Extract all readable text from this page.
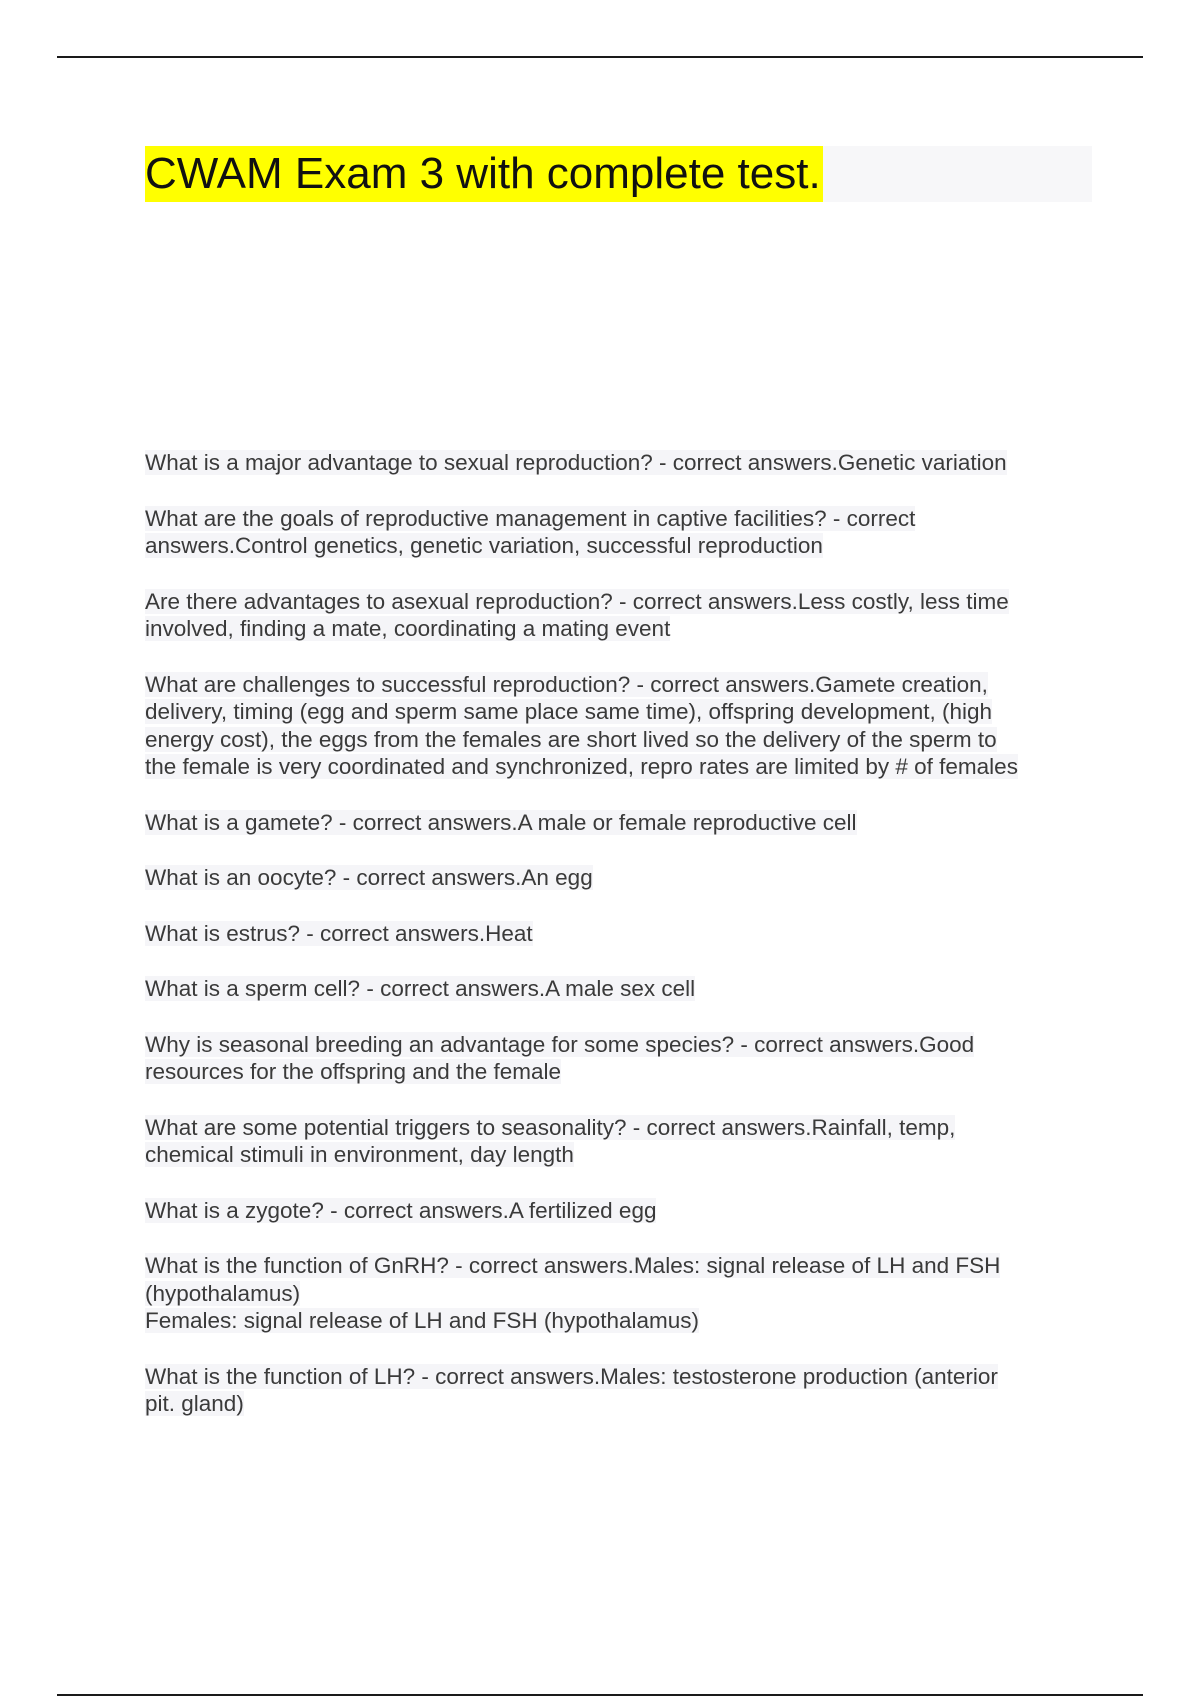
CWAM Exam 3 with complete test.
What is a major advantage to sexual reproduction? - correct answers.Genetic variation
What are the goals of reproductive management in captive facilities? - correct
answers.Control genetics, genetic variation, successful reproduction
Are there advantages to asexual reproduction? - correct answers.Less costly, less time
involved, finding a mate, coordinating a mating event
What are challenges to successful reproduction? - correct answers.Gamete creation,
delivery, timing (egg and sperm same place same time), offspring development, (high
energy cost), the eggs from the females are short lived so the delivery of the sperm to
the female is very coordinated and synchronized, repro rates are limited by # of females
What is a gamete? - correct answers.A male or female reproductive cell
What is an oocyte? - correct answers.An egg
What is estrus? - correct answers.Heat
What is a sperm cell? - correct answers.A male sex cell
Why is seasonal breeding an advantage for some species? - correct answers.Good
resources for the offspring and the female
What are some potential triggers to seasonality? - correct answers.Rainfall, temp,
chemical stimuli in environment, day length
What is a zygote? - correct answers.A fertilized egg
What is the function of GnRH? - correct answers.Males: signal release of LH and FSH
(hypothalamus)
Females: signal release of LH and FSH (hypothalamus)
What is the function of LH? - correct answers.Males: testosterone production (anterior
pit. gland)
